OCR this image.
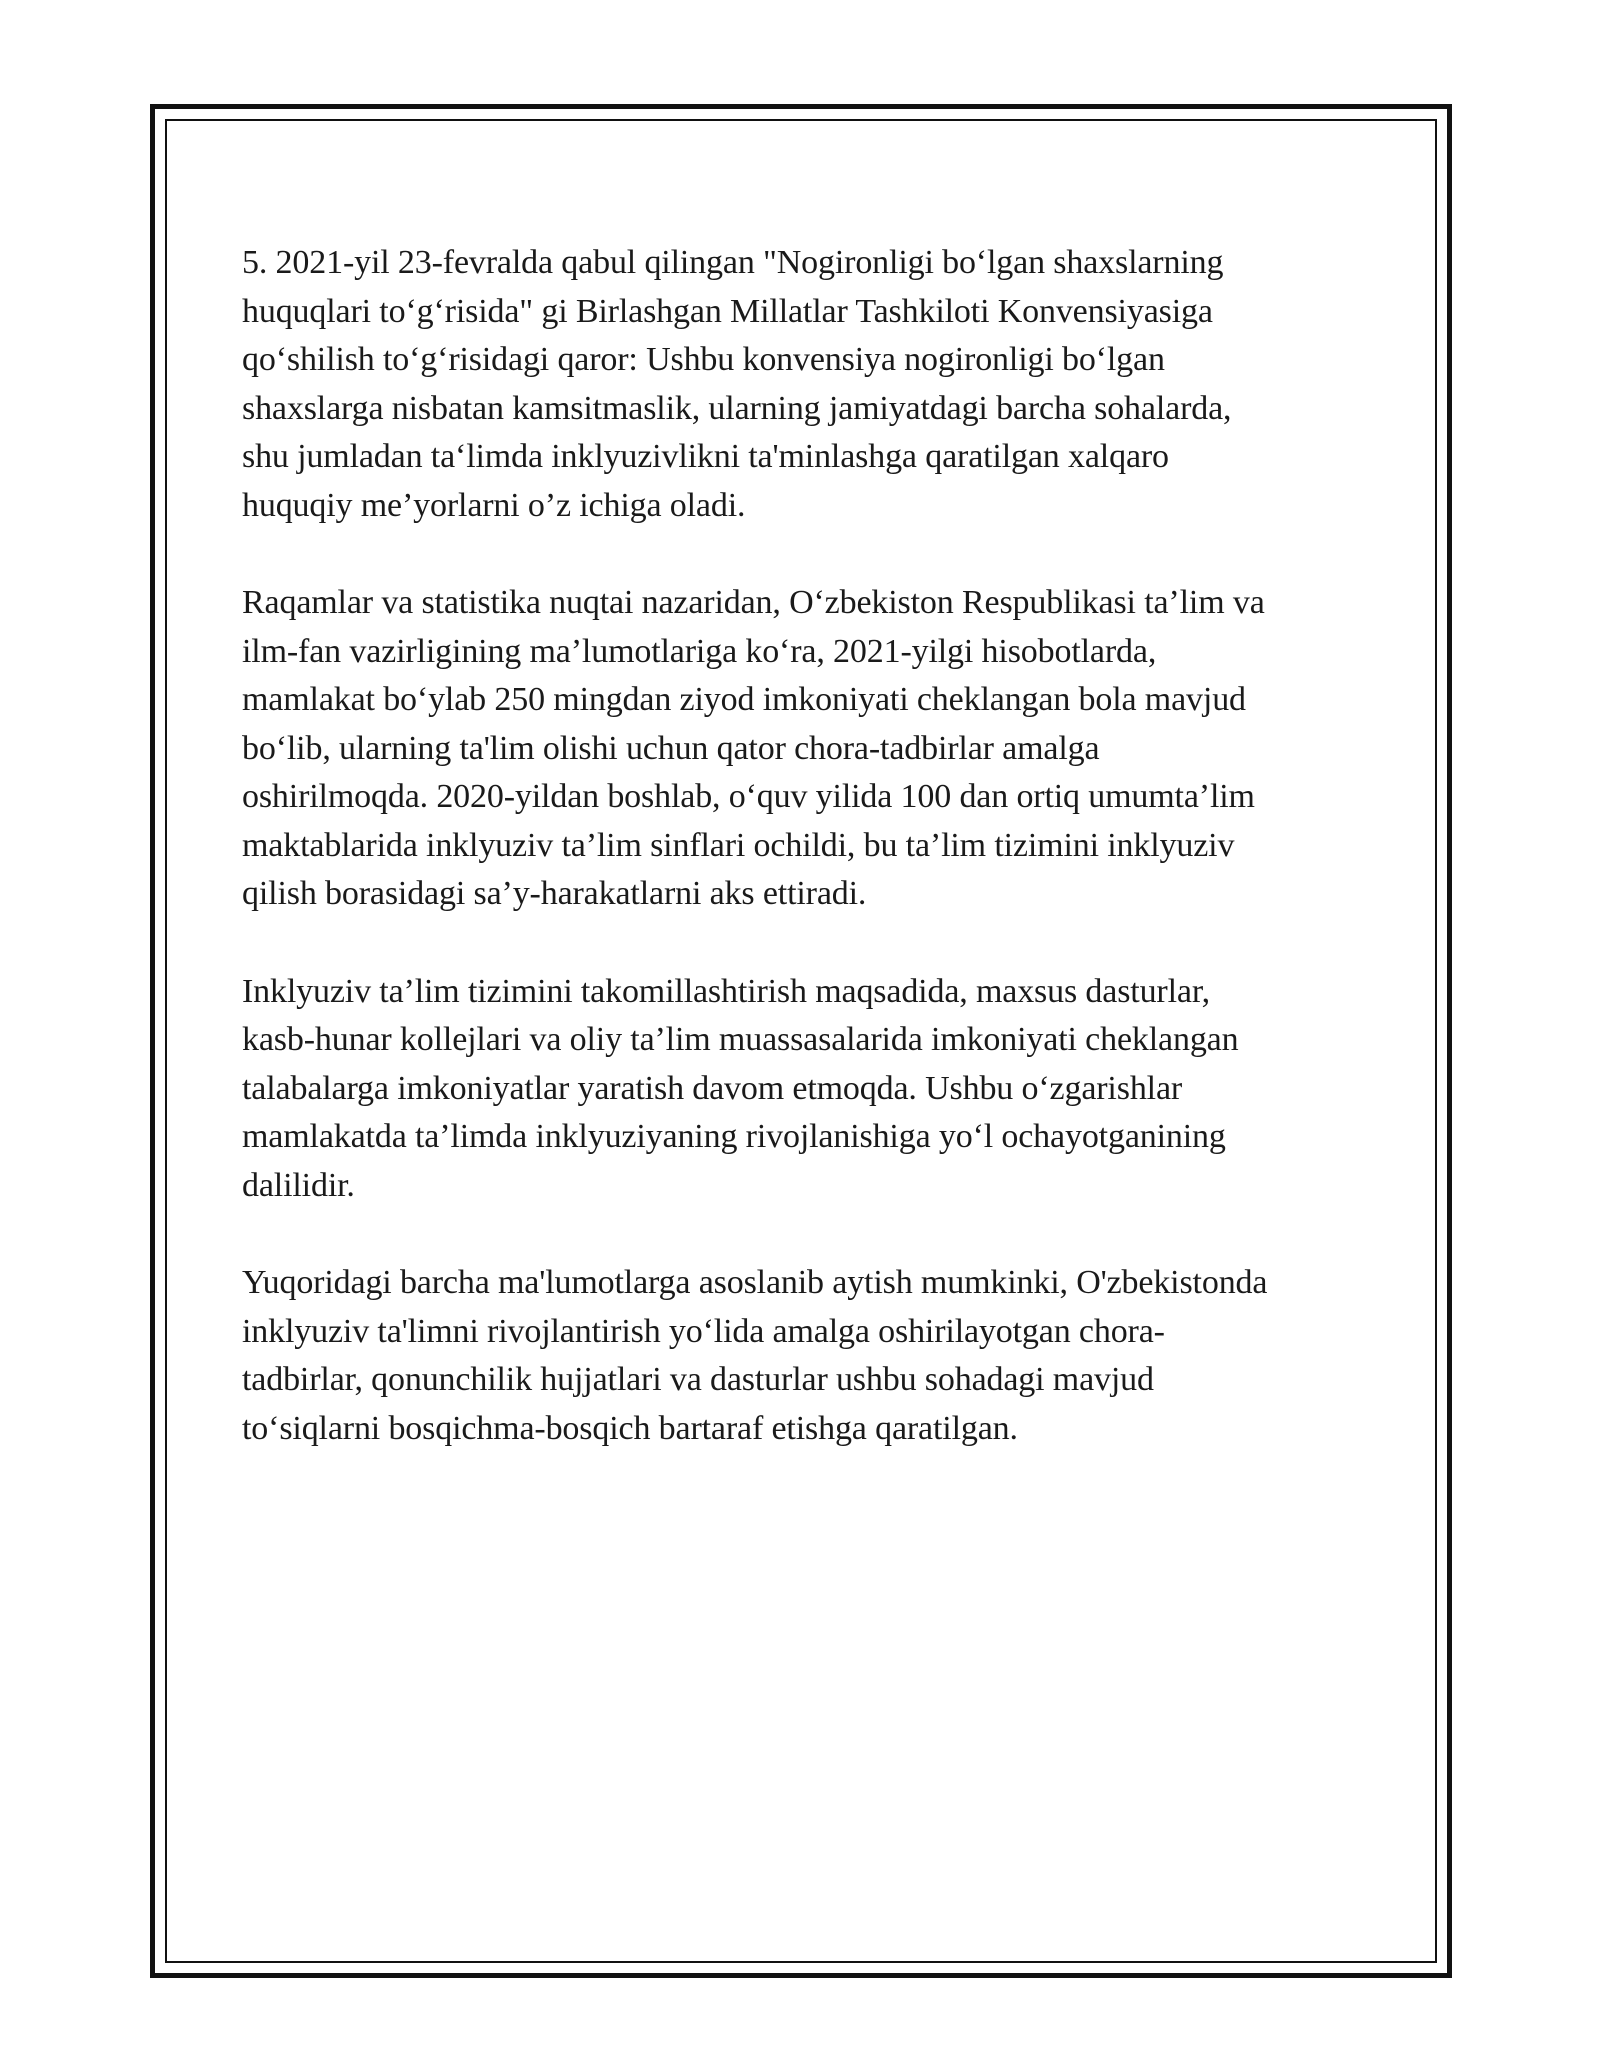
5. 2021-yil 23-fevralda qabul qilingan "Nogironligi bo‘lgan shaxslarning
huquqlari to‘g‘risida" gi Birlashgan Millatlar Tashkiloti Konvensiyasiga
qo‘shilish to‘g‘risidagi qaror: Ushbu konvensiya nogironligi bo‘lgan
shaxslarga nisbatan kamsitmaslik, ularning jamiyatdagi barcha sohalarda,
shu jumladan ta‘limda inklyuzivlikni ta'minlashga qaratilgan xalqaro
huquqiy me’yorlarni o’z ichiga oladi.

Raqamlar va statistika nuqtai nazaridan, O‘zbekiston Respublikasi ta’lim va
ilm-fan vazirligining ma’lumotlariga ko‘ra, 2021-yilgi hisobotlarda,
mamlakat bo‘ylab 250 mingdan ziyod imkoniyati cheklangan bola mavjud
bo‘lib, ularning ta'lim olishi uchun qator chora-tadbirlar amalga
oshirilmoqda. 2020-yildan boshlab, o‘quv yilida 100 dan ortiq umumta’lim
maktablarida inklyuziv ta’lim sinflari ochildi, bu ta’lim tizimini inklyuziv
qilish borasidagi sa’y-harakatlarni aks ettiradi.

Inklyuziv ta’lim tizimini takomillashtirish maqsadida, maxsus dasturlar,
kasb-hunar kollejlari va oliy ta’lim muassasalarida imkoniyati cheklangan
talabalarga imkoniyatlar yaratish davom etmoqda. Ushbu o‘zgarishlar
mamlakatda ta’limda inklyuziyaning rivojlanishiga yo‘l ochayotganining
dalilidir.

Yuqoridagi barcha ma'lumotlarga asoslanib aytish mumkinki, O'zbekistonda
inklyuziv ta'limni rivojlantirish yo‘lida amalga oshirilayotgan chora-
tadbirlar, qonunchilik hujjatlari va dasturlar ushbu sohadagi mavjud
to‘siqlarni bosqichma-bosqich bartaraf etishga qaratilgan.
